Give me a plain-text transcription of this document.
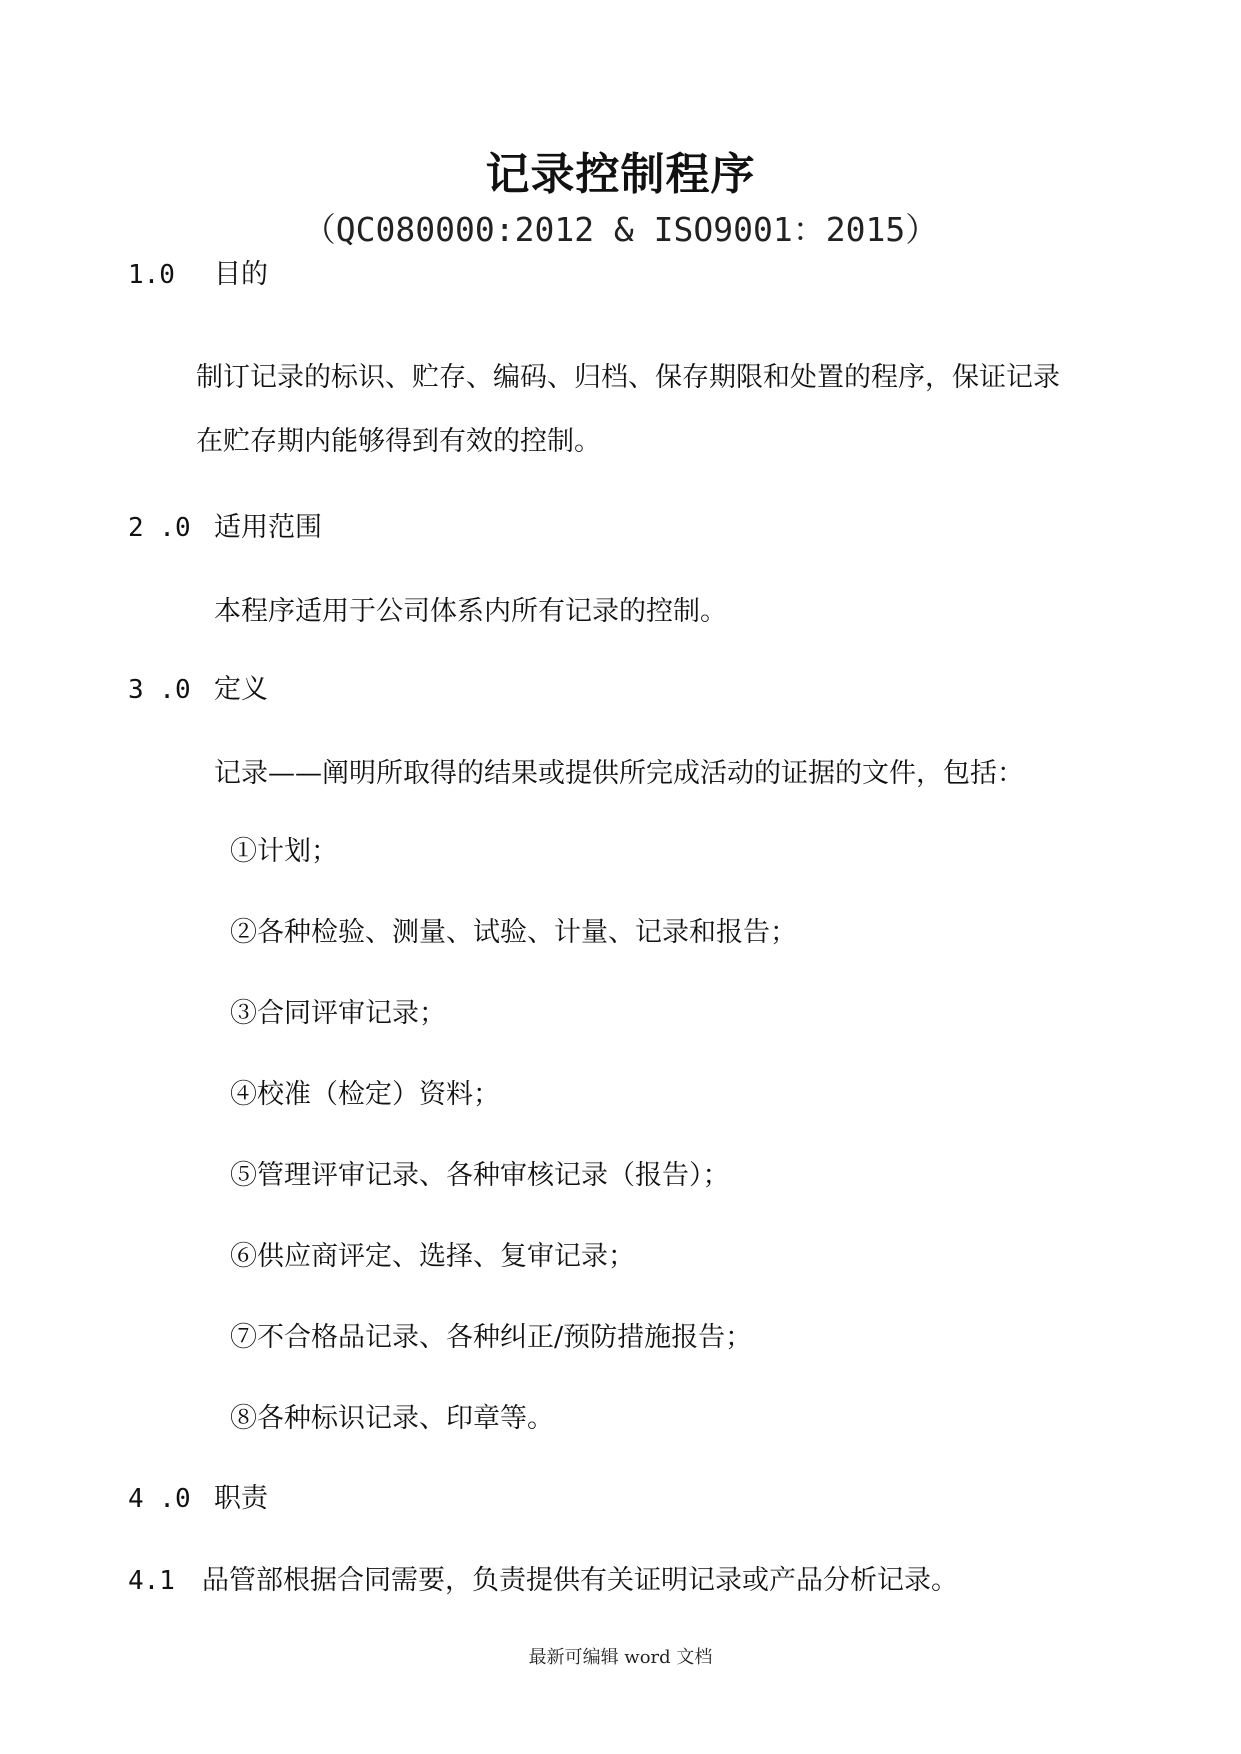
记录控制程序
（QC080000:2012 & ISO9001：2015）
1.0 目的
制订记录的标识、贮存、编码、归档、保存期限和处置的程序，保证记录
在贮存期内能够得到有效的控制。
2 .0 适用范围
本程序适用于公司体系内所有记录的控制。
3 .0 定义
记录——阐明所取得的结果或提供所完成活动的证据的文件，包括：
①计划；
②各种检验、测量、试验、计量、记录和报告；
③合同评审记录；
④校准（检定）资料；
⑤管理评审记录、各种审核记录（报告）；
⑥供应商评定、选择、复审记录；
⑦不合格品记录、各种纠正/预防措施报告；
⑧各种标识记录、印章等。
4 .0 职责
4.1 品管部根据合同需要，负责提供有关证明记录或产品分析记录。
最新可编辑 word 文档
